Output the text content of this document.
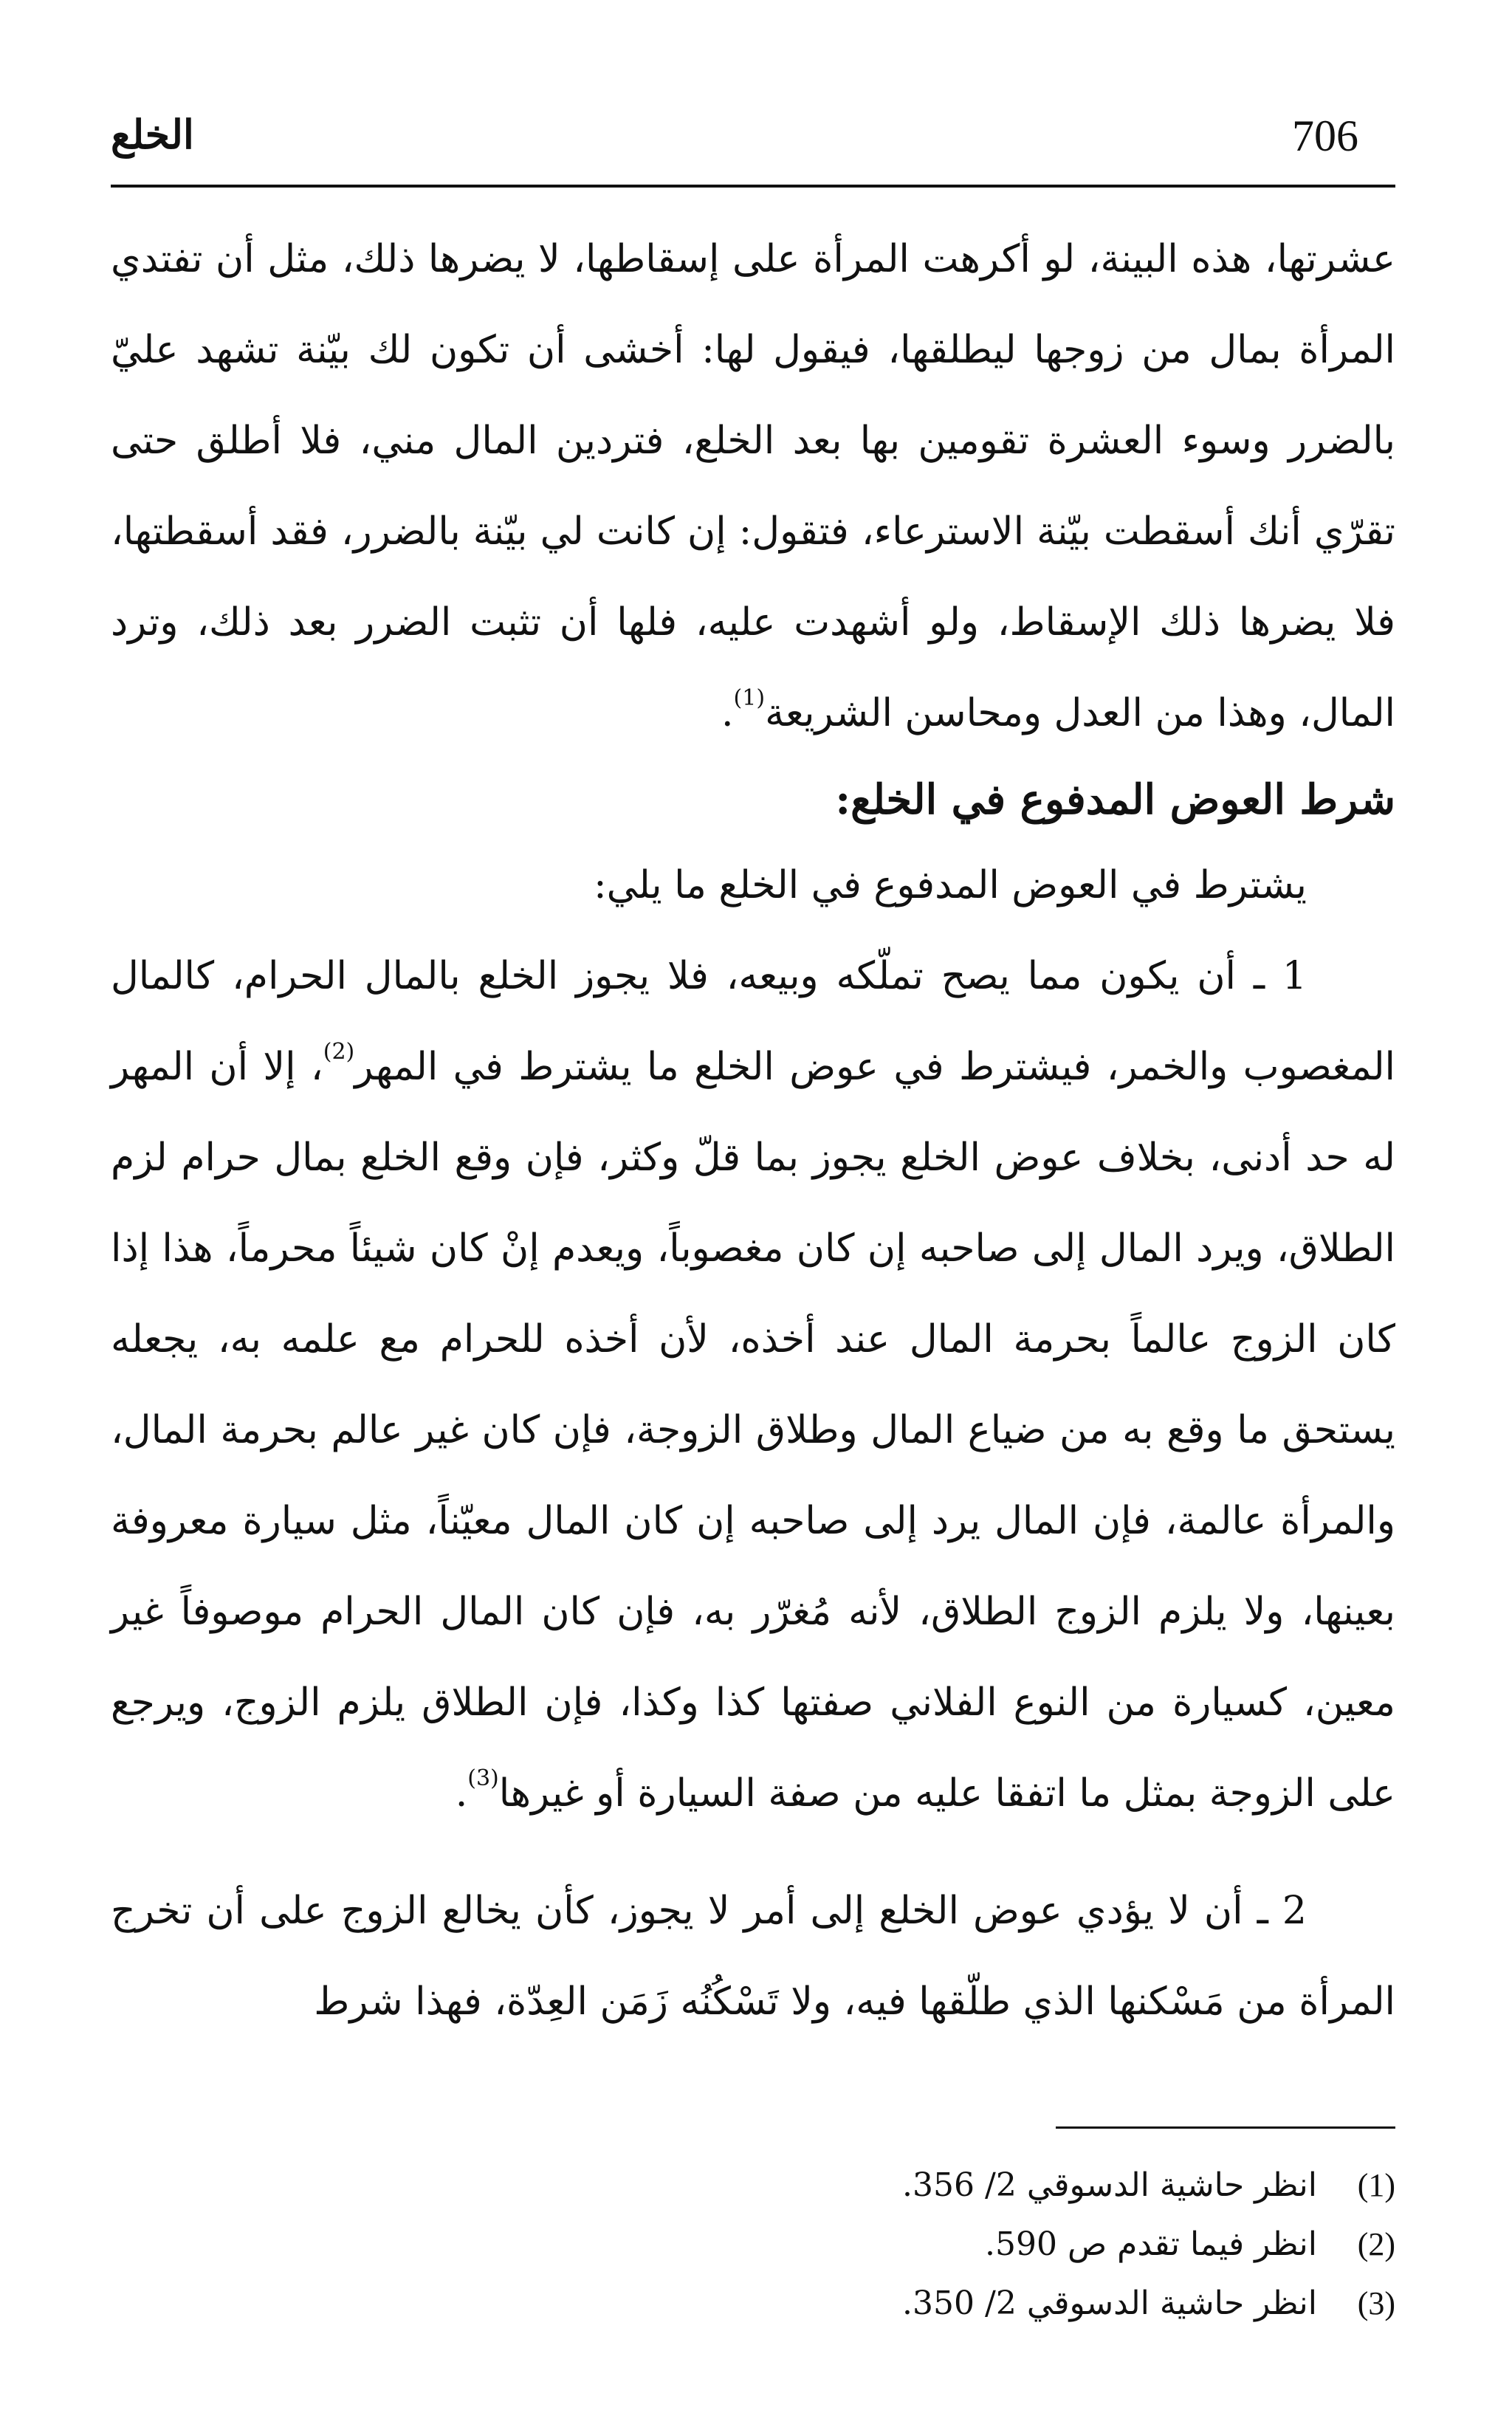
706
الخلع

عشرتها، هذه البينة، لو أكرهت المرأة على إسقاطها، لا يضرها ذلك، مثل أن تفتدي المرأة بمال من زوجها ليطلقها، فيقول لها: أخشى أن تكون لك بيّنة تشهد عليّ بالضرر وسوء العشرة تقومين بها بعد الخلع، فتردين المال مني، فلا أطلق حتى تقرّي أنك أسقطت بيّنة الاسترعاء، فتقول: إن كانت لي بيّنة بالضرر، فقد أسقطتها، فلا يضرها ذلك الإسقاط، ولو أشهدت عليه، فلها أن تثبت الضرر بعد ذلك، وترد المال، وهذا من العدل ومحاسن الشريعة$^{(1)}$.

شرط العوض المدفوع في الخلع:

يشترط في العوض المدفوع في الخلع ما يلي:

1 ـ أن يكون مما يصح تملّكه وبيعه، فلا يجوز الخلع بالمال الحرام، كالمال المغصوب والخمر، فيشترط في عوض الخلع ما يشترط في المهر$^{(2)}$، إلا أن المهر له حد أدنى، بخلاف عوض الخلع يجوز بما قلّ وكثر، فإن وقع الخلع بمال حرام لزم الطلاق، ويرد المال إلى صاحبه إن كان مغصوباً، ويعدم إنْ كان شيئاً محرماً، هذا إذا كان الزوج عالماً بحرمة المال عند أخذه، لأن أخذه للحرام مع علمه به، يجعله يستحق ما وقع به من ضياع المال وطلاق الزوجة، فإن كان غير عالم بحرمة المال، والمرأة عالمة، فإن المال يرد إلى صاحبه إن كان المال معيّناً، مثل سيارة معروفة بعينها، ولا يلزم الزوج الطلاق، لأنه مُغرّر به، فإن كان المال الحرام موصوفاً غير معين، كسيارة من النوع الفلاني صفتها كذا وكذا، فإن الطلاق يلزم الزوج، ويرجع على الزوجة بمثل ما اتفقا عليه من صفة السيارة أو غيرها$^{(3)}$.

2 ـ أن لا يؤدي عوض الخلع إلى أمر لا يجوز، كأن يخالع الزوج على أن تخرج المرأة من مَسْكنها الذي طلّقها فيه، ولا تَسْكُنُه زَمَن العِدّة، فهذا شرط

(1)
انظر حاشية الدسوقي 2/ 356.
(2)
انظر فيما تقدم ص 590.
(3)
انظر حاشية الدسوقي 2/ 350.
